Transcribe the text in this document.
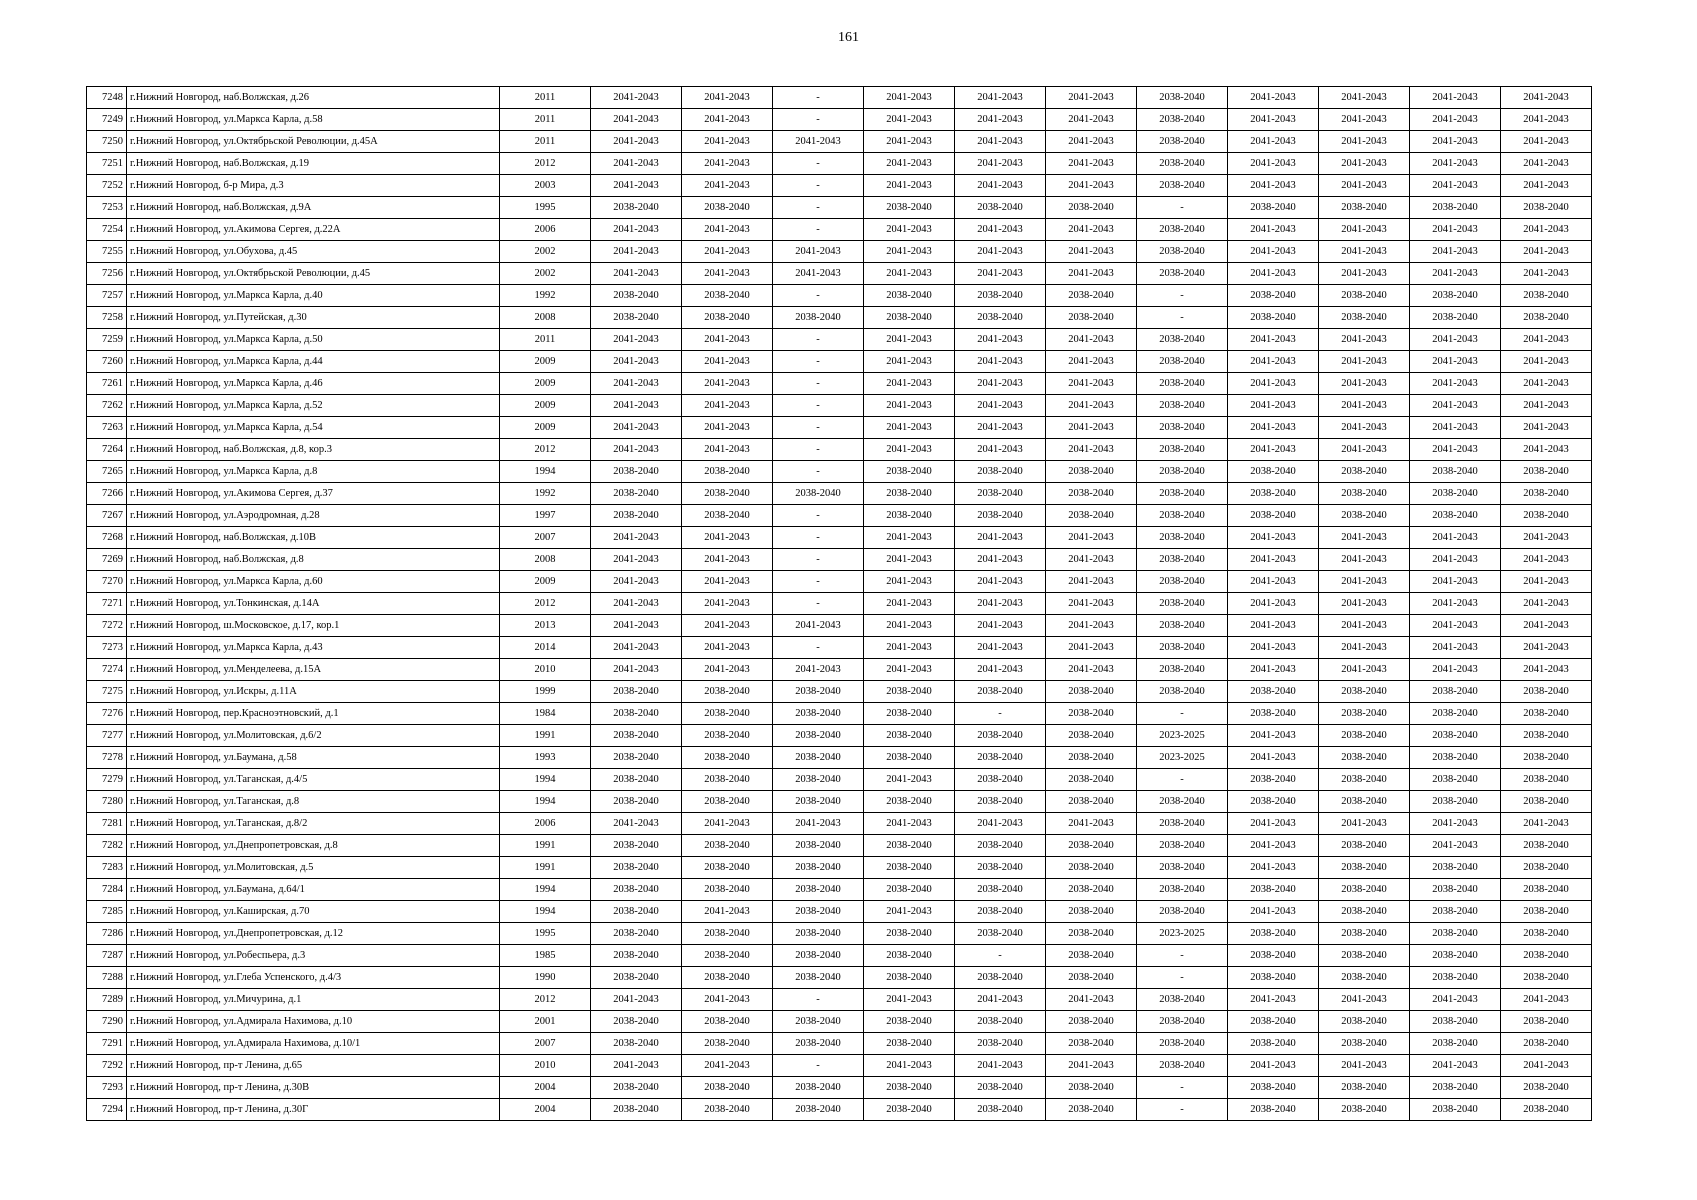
161
7248	г.Нижний Новгород, наб.Волжская, д.26	2011	2041-2043	2041-2043	-	2041-2043	2041-2043	2041-2043	2038-2040	2041-2043	2041-2043	2041-2043	2041-2043
7249	г.Нижний Новгород, ул.Маркса Карла, д.58	2011	2041-2043	2041-2043	-	2041-2043	2041-2043	2041-2043	2038-2040	2041-2043	2041-2043	2041-2043	2041-2043
7250	г.Нижний Новгород, ул.Октябрьской Революции, д.45А	2011	2041-2043	2041-2043	2041-2043	2041-2043	2041-2043	2041-2043	2038-2040	2041-2043	2041-2043	2041-2043	2041-2043
7251	г.Нижний Новгород, наб.Волжская, д.19	2012	2041-2043	2041-2043	-	2041-2043	2041-2043	2041-2043	2038-2040	2041-2043	2041-2043	2041-2043	2041-2043
7252	г.Нижний Новгород, б-р Мира, д.3	2003	2041-2043	2041-2043	-	2041-2043	2041-2043	2041-2043	2038-2040	2041-2043	2041-2043	2041-2043	2041-2043
7253	г.Нижний Новгород, наб.Волжская, д.9А	1995	2038-2040	2038-2040	-	2038-2040	2038-2040	2038-2040	-	2038-2040	2038-2040	2038-2040	2038-2040
7254	г.Нижний Новгород, ул.Акимова Сергея, д.22А	2006	2041-2043	2041-2043	-	2041-2043	2041-2043	2041-2043	2038-2040	2041-2043	2041-2043	2041-2043	2041-2043
7255	г.Нижний Новгород, ул.Обухова, д.45	2002	2041-2043	2041-2043	2041-2043	2041-2043	2041-2043	2041-2043	2038-2040	2041-2043	2041-2043	2041-2043	2041-2043
7256	г.Нижний Новгород, ул.Октябрьской Революции, д.45	2002	2041-2043	2041-2043	2041-2043	2041-2043	2041-2043	2041-2043	2038-2040	2041-2043	2041-2043	2041-2043	2041-2043
7257	г.Нижний Новгород, ул.Маркса Карла, д.40	1992	2038-2040	2038-2040	-	2038-2040	2038-2040	2038-2040	-	2038-2040	2038-2040	2038-2040	2038-2040
7258	г.Нижний Новгород, ул.Путейская, д.30	2008	2038-2040	2038-2040	2038-2040	2038-2040	2038-2040	2038-2040	-	2038-2040	2038-2040	2038-2040	2038-2040
7259	г.Нижний Новгород, ул.Маркса Карла, д.50	2011	2041-2043	2041-2043	-	2041-2043	2041-2043	2041-2043	2038-2040	2041-2043	2041-2043	2041-2043	2041-2043
7260	г.Нижний Новгород, ул.Маркса Карла, д.44	2009	2041-2043	2041-2043	-	2041-2043	2041-2043	2041-2043	2038-2040	2041-2043	2041-2043	2041-2043	2041-2043
7261	г.Нижний Новгород, ул.Маркса Карла, д.46	2009	2041-2043	2041-2043	-	2041-2043	2041-2043	2041-2043	2038-2040	2041-2043	2041-2043	2041-2043	2041-2043
7262	г.Нижний Новгород, ул.Маркса Карла, д.52	2009	2041-2043	2041-2043	-	2041-2043	2041-2043	2041-2043	2038-2040	2041-2043	2041-2043	2041-2043	2041-2043
7263	г.Нижний Новгород, ул.Маркса Карла, д.54	2009	2041-2043	2041-2043	-	2041-2043	2041-2043	2041-2043	2038-2040	2041-2043	2041-2043	2041-2043	2041-2043
7264	г.Нижний Новгород, наб.Волжская, д.8, кор.3	2012	2041-2043	2041-2043	-	2041-2043	2041-2043	2041-2043	2038-2040	2041-2043	2041-2043	2041-2043	2041-2043
7265	г.Нижний Новгород, ул.Маркса Карла, д.8	1994	2038-2040	2038-2040	-	2038-2040	2038-2040	2038-2040	2038-2040	2038-2040	2038-2040	2038-2040	2038-2040
7266	г.Нижний Новгород, ул.Акимова Сергея, д.37	1992	2038-2040	2038-2040	2038-2040	2038-2040	2038-2040	2038-2040	2038-2040	2038-2040	2038-2040	2038-2040	2038-2040
7267	г.Нижний Новгород, ул.Аэродромная, д.28	1997	2038-2040	2038-2040	-	2038-2040	2038-2040	2038-2040	2038-2040	2038-2040	2038-2040	2038-2040	2038-2040
7268	г.Нижний Новгород, наб.Волжская, д.10В	2007	2041-2043	2041-2043	-	2041-2043	2041-2043	2041-2043	2038-2040	2041-2043	2041-2043	2041-2043	2041-2043
7269	г.Нижний Новгород, наб.Волжская, д.8	2008	2041-2043	2041-2043	-	2041-2043	2041-2043	2041-2043	2038-2040	2041-2043	2041-2043	2041-2043	2041-2043
7270	г.Нижний Новгород, ул.Маркса Карла, д.60	2009	2041-2043	2041-2043	-	2041-2043	2041-2043	2041-2043	2038-2040	2041-2043	2041-2043	2041-2043	2041-2043
7271	г.Нижний Новгород, ул.Тонкинская, д.14А	2012	2041-2043	2041-2043	-	2041-2043	2041-2043	2041-2043	2038-2040	2041-2043	2041-2043	2041-2043	2041-2043
7272	г.Нижний Новгород, ш.Московское, д.17, кор.1	2013	2041-2043	2041-2043	2041-2043	2041-2043	2041-2043	2041-2043	2038-2040	2041-2043	2041-2043	2041-2043	2041-2043
7273	г.Нижний Новгород, ул.Маркса Карла, д.43	2014	2041-2043	2041-2043	-	2041-2043	2041-2043	2041-2043	2038-2040	2041-2043	2041-2043	2041-2043	2041-2043
7274	г.Нижний Новгород, ул.Менделеева, д.15А	2010	2041-2043	2041-2043	2041-2043	2041-2043	2041-2043	2041-2043	2038-2040	2041-2043	2041-2043	2041-2043	2041-2043
7275	г.Нижний Новгород, ул.Искры, д.11А	1999	2038-2040	2038-2040	2038-2040	2038-2040	2038-2040	2038-2040	2038-2040	2038-2040	2038-2040	2038-2040	2038-2040
7276	г.Нижний Новгород, пер.Красноэтновский, д.1	1984	2038-2040	2038-2040	2038-2040	2038-2040	-	2038-2040	-	2038-2040	2038-2040	2038-2040	2038-2040
7277	г.Нижний Новгород, ул.Молитовская, д.6/2	1991	2038-2040	2038-2040	2038-2040	2038-2040	2038-2040	2038-2040	2023-2025	2041-2043	2038-2040	2038-2040	2038-2040
7278	г.Нижний Новгород, ул.Баумана, д.58	1993	2038-2040	2038-2040	2038-2040	2038-2040	2038-2040	2038-2040	2023-2025	2041-2043	2038-2040	2038-2040	2038-2040
7279	г.Нижний Новгород, ул.Таганская, д.4/5	1994	2038-2040	2038-2040	2038-2040	2041-2043	2038-2040	2038-2040	-	2038-2040	2038-2040	2038-2040	2038-2040
7280	г.Нижний Новгород, ул.Таганская, д.8	1994	2038-2040	2038-2040	2038-2040	2038-2040	2038-2040	2038-2040	2038-2040	2038-2040	2038-2040	2038-2040	2038-2040
7281	г.Нижний Новгород, ул.Таганская, д.8/2	2006	2041-2043	2041-2043	2041-2043	2041-2043	2041-2043	2041-2043	2038-2040	2041-2043	2041-2043	2041-2043	2041-2043
7282	г.Нижний Новгород, ул.Днепропетровская, д.8	1991	2038-2040	2038-2040	2038-2040	2038-2040	2038-2040	2038-2040	2038-2040	2041-2043	2038-2040	2041-2043	2038-2040
7283	г.Нижний Новгород, ул.Молитовская, д.5	1991	2038-2040	2038-2040	2038-2040	2038-2040	2038-2040	2038-2040	2038-2040	2041-2043	2038-2040	2038-2040	2038-2040
7284	г.Нижний Новгород, ул.Баумана, д.64/1	1994	2038-2040	2038-2040	2038-2040	2038-2040	2038-2040	2038-2040	2038-2040	2038-2040	2038-2040	2038-2040	2038-2040
7285	г.Нижний Новгород, ул.Каширская, д.70	1994	2038-2040	2041-2043	2038-2040	2041-2043	2038-2040	2038-2040	2038-2040	2041-2043	2038-2040	2038-2040	2038-2040
7286	г.Нижний Новгород, ул.Днепропетровская, д.12	1995	2038-2040	2038-2040	2038-2040	2038-2040	2038-2040	2038-2040	2023-2025	2038-2040	2038-2040	2038-2040	2038-2040
7287	г.Нижний Новгород, ул.Робеспьера, д.3	1985	2038-2040	2038-2040	2038-2040	2038-2040	-	2038-2040	-	2038-2040	2038-2040	2038-2040	2038-2040
7288	г.Нижний Новгород, ул.Глеба Успенского, д.4/3	1990	2038-2040	2038-2040	2038-2040	2038-2040	2038-2040	2038-2040	-	2038-2040	2038-2040	2038-2040	2038-2040
7289	г.Нижний Новгород, ул.Мичурина, д.1	2012	2041-2043	2041-2043	-	2041-2043	2041-2043	2041-2043	2038-2040	2041-2043	2041-2043	2041-2043	2041-2043
7290	г.Нижний Новгород, ул.Адмирала Нахимова, д.10	2001	2038-2040	2038-2040	2038-2040	2038-2040	2038-2040	2038-2040	2038-2040	2038-2040	2038-2040	2038-2040	2038-2040
7291	г.Нижний Новгород, ул.Адмирала Нахимова, д.10/1	2007	2038-2040	2038-2040	2038-2040	2038-2040	2038-2040	2038-2040	2038-2040	2038-2040	2038-2040	2038-2040	2038-2040
7292	г.Нижний Новгород, пр-т Ленина, д.65	2010	2041-2043	2041-2043	-	2041-2043	2041-2043	2041-2043	2038-2040	2041-2043	2041-2043	2041-2043	2041-2043
7293	г.Нижний Новгород, пр-т Ленина, д.30В	2004	2038-2040	2038-2040	2038-2040	2038-2040	2038-2040	2038-2040	-	2038-2040	2038-2040	2038-2040	2038-2040
7294	г.Нижний Новгород, пр-т Ленина, д.30Г	2004	2038-2040	2038-2040	2038-2040	2038-2040	2038-2040	2038-2040	-	2038-2040	2038-2040	2038-2040	2038-2040
